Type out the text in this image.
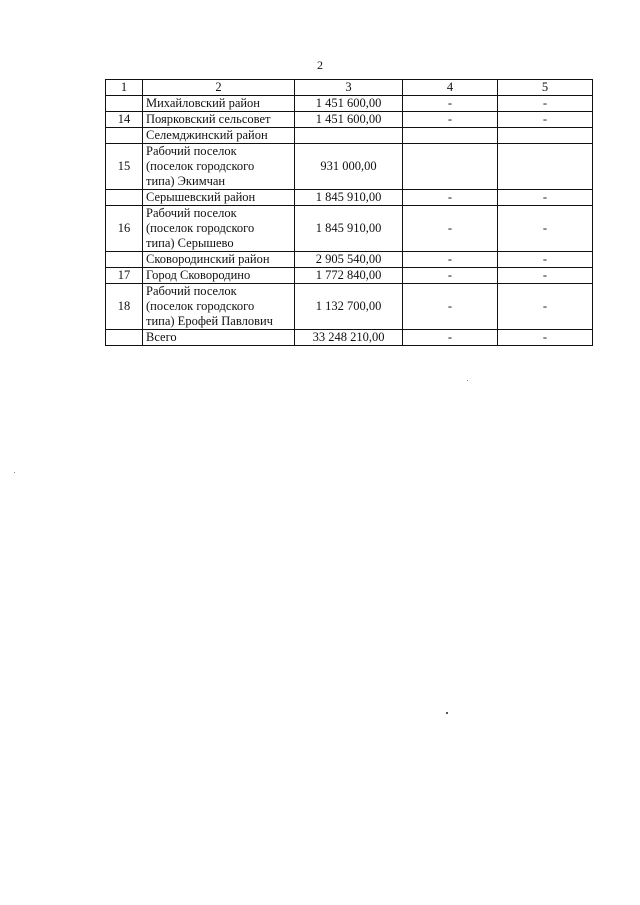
2
1	2	3	4	5
	Михайловский район	1 451 600,00	-	-
14	Поярковский сельсовет	1 451 600,00	-	-
	Селемджинский район			
15	Рабочий поселок
(поселок городского
типа) Экимчан	931 000,00		
	Серышевский район	1 845 910,00	-	-
16	Рабочий поселок
(поселок городского
типа) Серышево	1 845 910,00	-	-
	Сковородинский район	2 905 540,00	-	-
17	Город Сковородино	1 772 840,00	-	-
18	Рабочий поселок
(поселок городского
типа) Ерофей Павлович	1 132 700,00	-	-
	Всего	33 248 210,00	-	-
